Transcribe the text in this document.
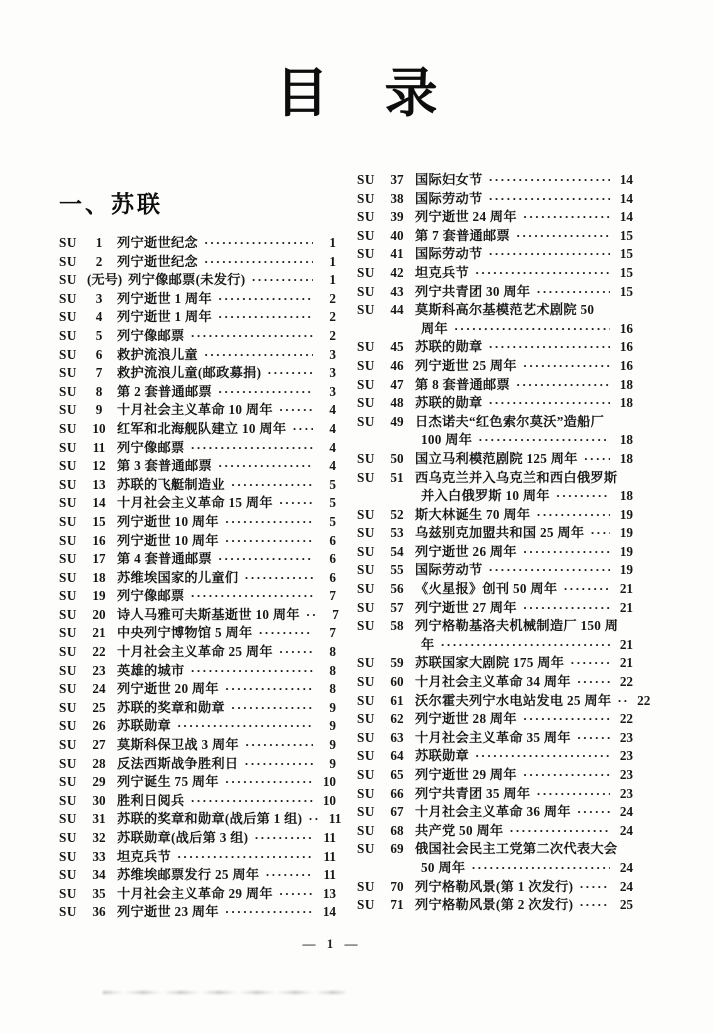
目 录
一、苏联
SU	1	列宁逝世纪念 ·····	1
SU	2	列宁逝世纪念 ·····	1
SU (无号) 列宁像邮票(未发行) ·····	1
SU	3	列宁逝世 1 周年 ·····	2
SU	4	列宁逝世 1 周年 ·····	2
SU	5	列宁像邮票 ·····	2
SU	6	救护流浪儿童 ·····	3
SU	7	救护流浪儿童(邮政募捐) ·····	3
SU	8	第 2 套普通邮票 ·····	3
SU	9	十月社会主义革命 10 周年 ·····	4
SU	10 红军和北海舰队建立 10 周年 ·····	4
SU	11 列宁像邮票 ·····	4
SU	12 第 3 套普通邮票 ·····	4
SU	13 苏联的飞艇制造业 ·····	5
SU	14 十月社会主义革命 15 周年 ·····	5
SU	15 列宁逝世 10 周年 ·····	5
SU	16 列宁逝世 10 周年 ·····	6
SU	17 第 4 套普通邮票 ·····	6
SU	18 苏维埃国家的儿童们 ·····	6
SU	19 列宁像邮票 ·····	7
SU	20 诗人马雅可夫斯基逝世 10 周年 ·····	7
SU	21 中央列宁博物馆 5 周年 ·····	7
SU	22 十月社会主义革命 25 周年 ·····	8
SU	23 英雄的城市 ·····	8
SU	24 列宁逝世 20 周年 ·····	8
SU	25 苏联的奖章和勋章 ·····	9
SU	26 苏联勋章 ·····	9
SU	27 莫斯科保卫战 3 周年 ·····	9
SU	28 反法西斯战争胜利日 ·····	9
SU	29 列宁诞生 75 周年 ·····	10
SU	30 胜利日阅兵 ·····	10
SU	31 苏联的奖章和勋章(战后第 1 组) ·····	11
SU	32 苏联勋章(战后第 3 组) ·····	11
SU	33 坦克兵节 ·····	11
SU	34 苏维埃邮票发行 25 周年 ·····	11
SU	35 十月社会主义革命 29 周年 ·····	13
SU	36 列宁逝世 23 周年 ·····	14
SU	37 国际妇女节 ·····	14
SU	38 国际劳动节 ·····	14
SU	39 列宁逝世 24 周年 ·····	14
SU	40 第 7 套普通邮票 ·····	15
SU	41 国际劳动节 ·····	15
SU	42 坦克兵节 ·····	15
SU	43 列宁共青团 30 周年 ·····	15
SU	44 莫斯科高尔基模范艺术剧院 50
周年 ·····	16
SU	45 苏联的勋章 ·····	16
SU	46 列宁逝世 25 周年 ·····	16
SU	47 第 8 套普通邮票 ·····	18
SU	48 苏联的勋章 ·····	18
SU	49 日杰诺夫“红色索尔莫沃”造船厂
100 周年 ·····	18
SU	50 国立马利模范剧院 125 周年 ·····	18
SU	51 西乌克兰并入乌克兰和西白俄罗斯
并入白俄罗斯 10 周年 ·····	18
SU	52 斯大林诞生 70 周年 ·····	19
SU	53 乌兹别克加盟共和国 25 周年 ·····	19
SU	54 列宁逝世 26 周年 ·····	19
SU	55 国际劳动节 ·····	19
SU	56 《火星报》创刊 50 周年 ·····	21
SU	57 列宁逝世 27 周年 ·····	21
SU	58 列宁格勒基洛夫机械制造厂 150 周
年 ·····	21
SU	59 苏联国家大剧院 175 周年 ·····	21
SU	60 十月社会主义革命 34 周年 ·····	22
SU	61 沃尔霍夫列宁水电站发电 25 周年 ·····	22
SU	62 列宁逝世 28 周年 ·····	22
SU	63 十月社会主义革命 35 周年 ·····	23
SU	64 苏联勋章 ·····	23
SU	65 列宁逝世 29 周年 ·····	23
SU	66 列宁共青团 35 周年 ·····	23
SU	67 十月社会主义革命 36 周年 ·····	24
SU	68 共产党 50 周年 ·····	24
SU	69 俄国社会民主工党第二次代表大会
50 周年 ·····	24
SU	70 列宁格勒风景(第 1 次发行) ·····	24
SU	71 列宁格勒风景(第 2 次发行) ·····	25
— 1 —
